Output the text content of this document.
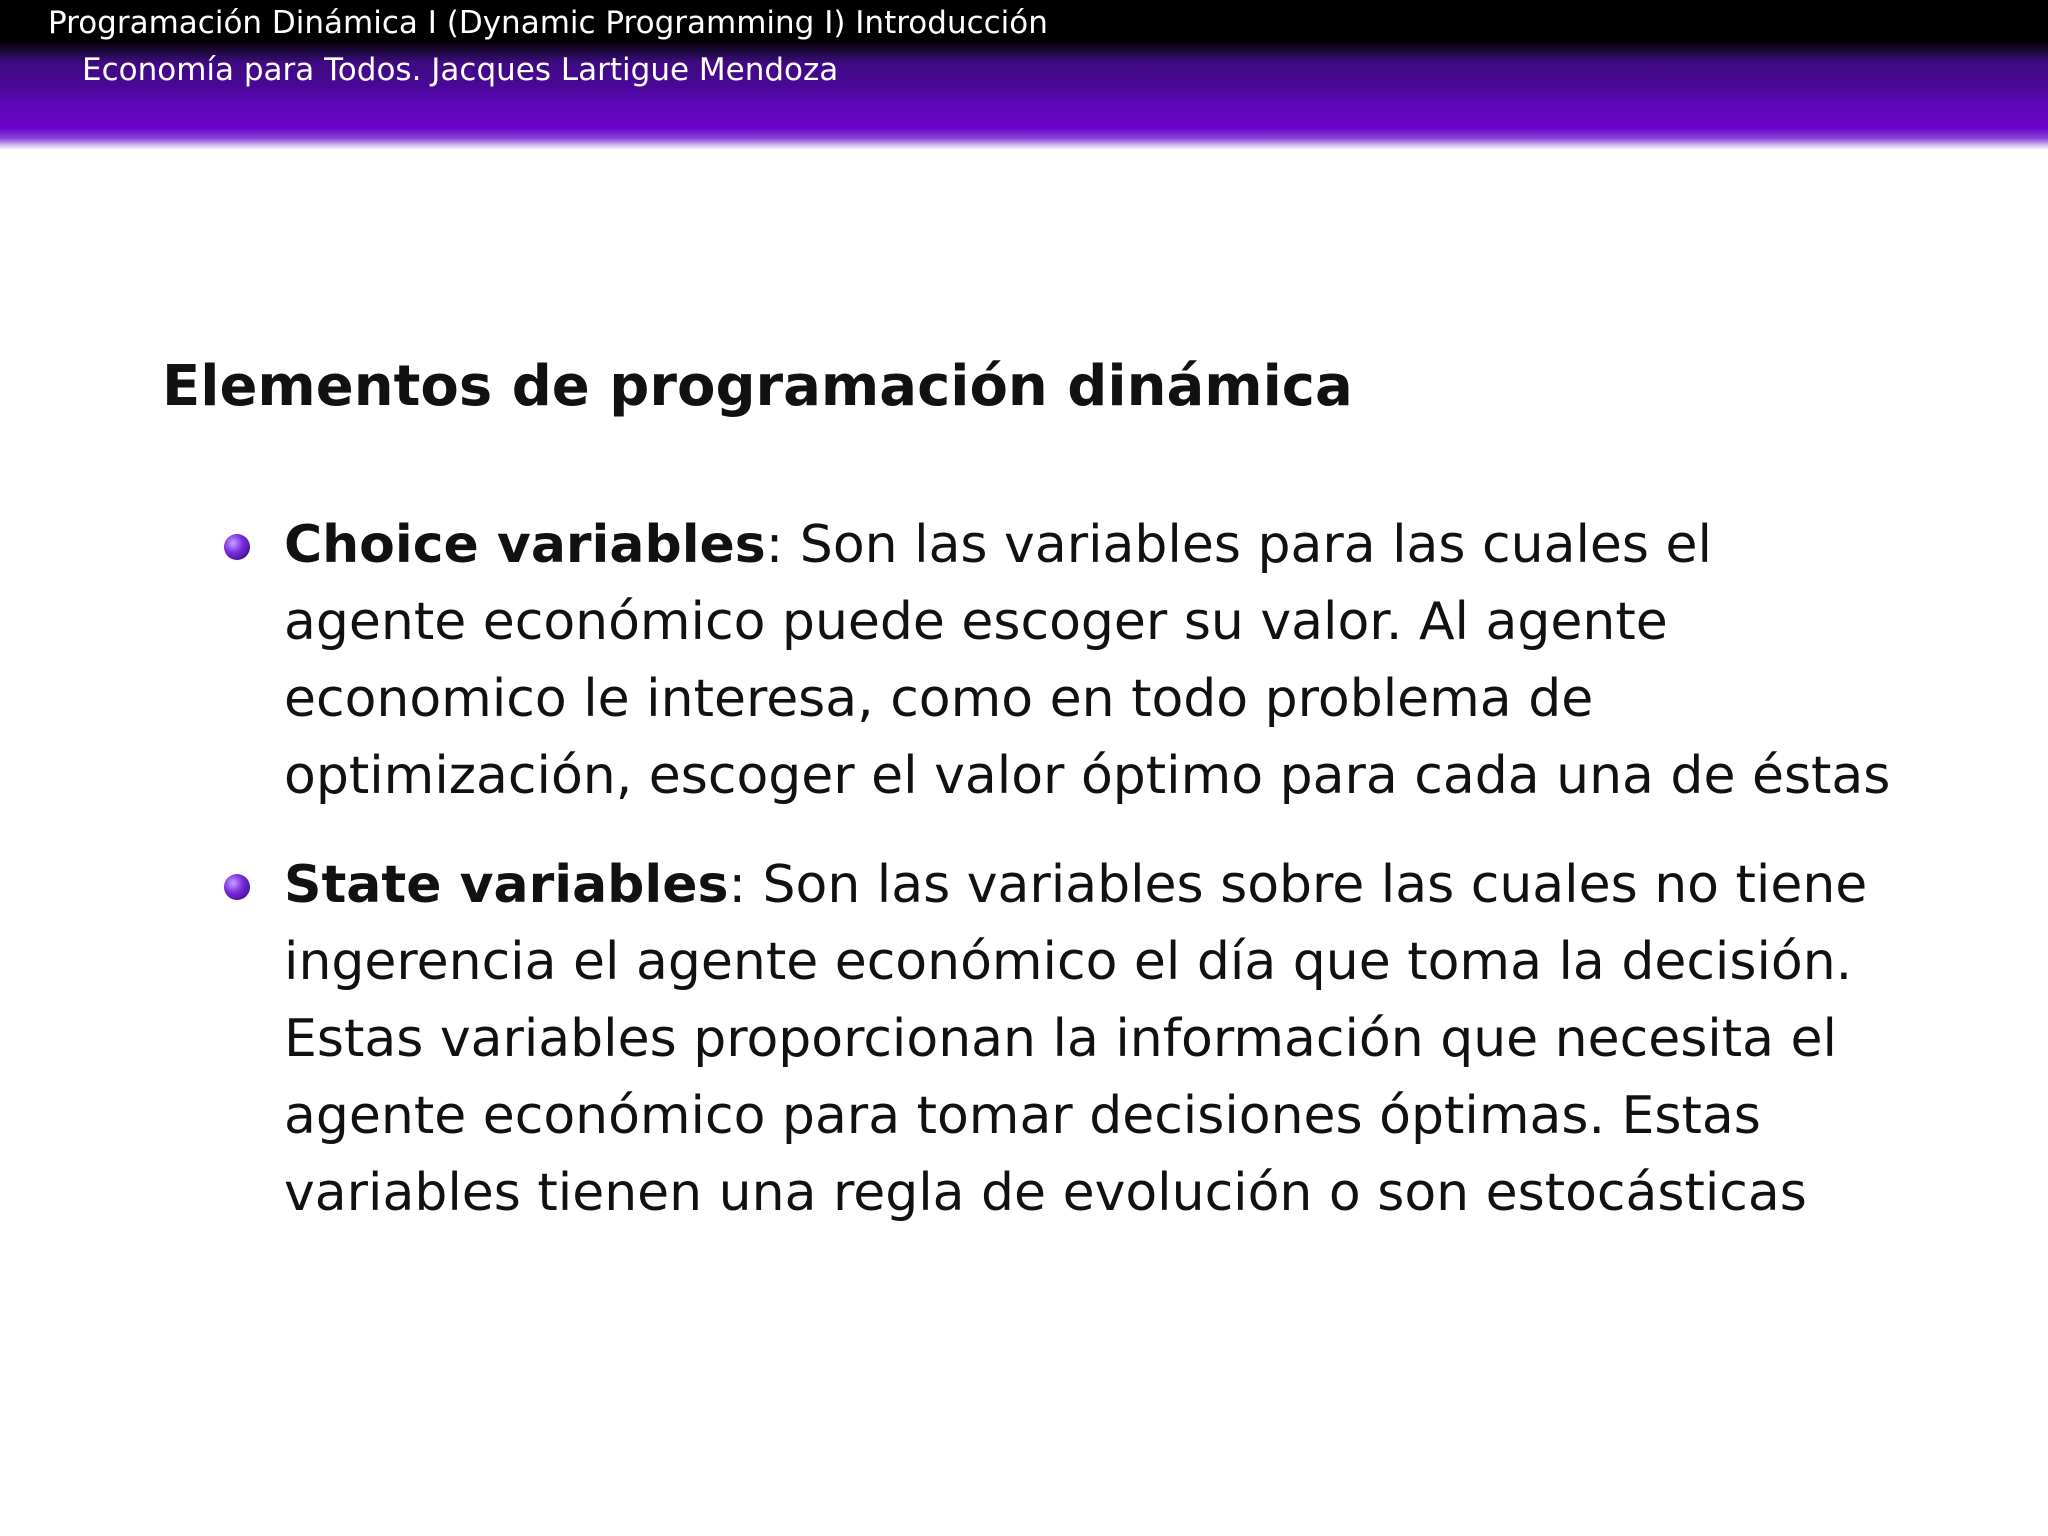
Programación Dinámica I (Dynamic Programming I) Introducción
Economía para Todos. Jacques Lartigue Mendoza
Elementos de programación dinámica
Choice variables: Son las variables para las cuales el agente económico puede escoger su valor. Al agente economico le interesa, como en todo problema de optimización, escoger el valor óptimo para cada una de éstas
State variables: Son las variables sobre las cuales no tiene ingerencia el agente económico el día que toma la decisión. Estas variables proporcionan la información que necesita el agente económico para tomar decisiones óptimas. Estas variables tienen una regla de evolución o son estocásticas
